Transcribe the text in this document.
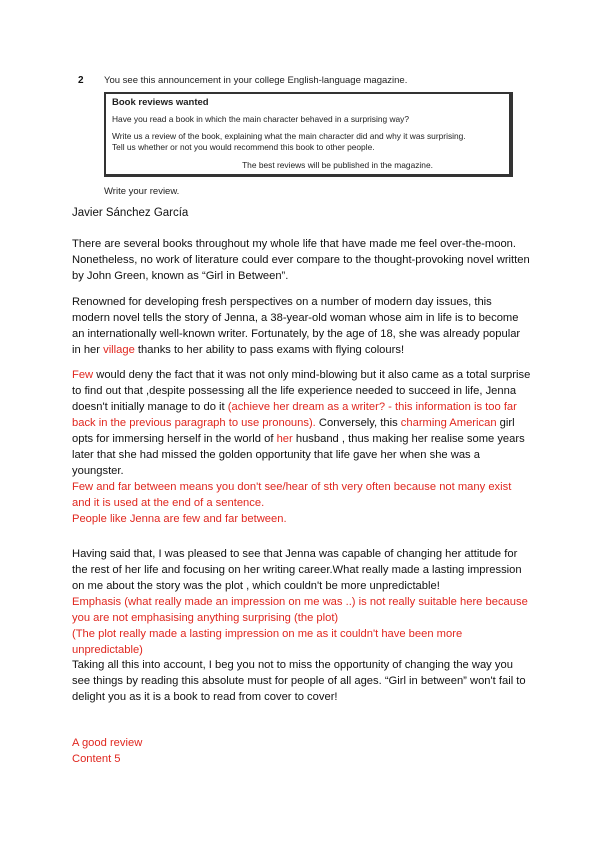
2 You see this announcement in your college English-language magazine.
Book reviews wanted
Have you read a book in which the main character behaved in a surprising way?
Write us a review of the book, explaining what the main character did and why it was surprising.
Tell us whether or not you would recommend this book to other people.
The best reviews will be published in the magazine.
Write your review.
Javier Sánchez García
There are several books throughout my whole life that have made me feel over-the-moon.
Nonetheless, no work of literature could ever compare to the thought-provoking novel written
by John Green, known as “Girl in Between”.
Renowned for developing fresh perspectives on a number of modern day issues, this
modern novel tells the story of Jenna, a 38-year-old woman whose aim in life is to become
an internationally well-known writer. Fortunately, by the age of 18, she was already popular
in her village thanks to her ability to pass exams with flying colours!
Few would deny the fact that it was not only mind-blowing but it also came as a total surprise
to find out that ,despite possessing all the life experience needed to succeed in life, Jenna
doesn't initially manage to do it (achieve her dream as a writer? - this information is too far
back in the previous paragraph to use pronouns). Conversely, this charming American girl
opts for immersing herself in the world of her husband , thus making her realise some years
later that she had missed the golden opportunity that life gave her when she was a
youngster.
Few and far between means you don't see/hear of sth very often because not many exist
and it is used at the end of a sentence.
People like Jenna are few and far between.
Having said that, I was pleased to see that Jenna was capable of changing her attitude for
the rest of her life and focusing on her writing career.What really made a lasting impression
on me about the story was the plot , which couldn't be more unpredictable!
Emphasis (what really made an impression on me was ..) is not really suitable here because
you are not emphasising anything surprising (the plot)
(The plot really made a lasting impression on me as it couldn't have been more
unpredictable)
Taking all this into account, I beg you not to miss the opportunity of changing the way you
see things by reading this absolute must for people of all ages. “Girl in between” won't fail to
delight you as it is a book to read from cover to cover!
A good review
Content 5
